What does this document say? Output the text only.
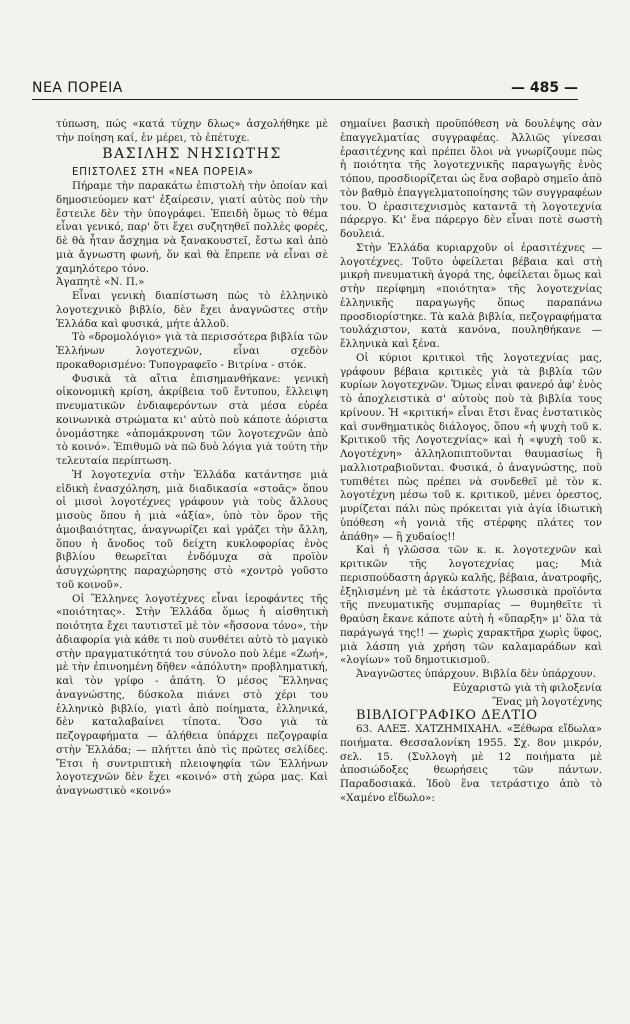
ΝΕΑ ΠΟΡΕΙΑ	— 485 —

τύπωση, πώς «κατά τύχην δλως» ἀσχολήθηκε μὲ τὴν ποίηση καί, ἐν μέρει, τὸ ἐπέτυχε.

ΒΑΣΙΛΗΣ ΝΗΣΙΩΤΗΣ

ΕΠΙΣΤΟΛΕΣ ΣΤΗ «ΝΕΑ ΠΟΡΕΙΑ»

Πήραμε τὴν παρακάτω ἐπιστολὴ τὴν ὁποίαν καὶ δημοσιεύομεν κατ' ἐξαίρεσιν, γιατί αὐτὸς ποὺ τὴν ἔστειλε δὲν τὴν ὑπογράφει. Ἐπειδὴ ὅμως τὸ θέμα εἶναι γενικό, παρ' ὅτι ἔχει συζητηθεῖ πολλὲς φορές, δὲ θὰ ἦταν ἄσχημα νὰ ξανακουστεῖ, ἔστω καὶ ἀπὸ μιὰ ἄγνωστη φωνή, ὅν καὶ θὰ ἔπρεπε νὰ εἶναι σὲ χαμηλότερο τόνο.

Ἀγαπητὲ «Ν. Π.»

Εἶναι γενικὴ διαπίστωση πὼς τὸ ἑλληνικὸ λογοτεχνικὸ βιβλίο, δὲν ἔχει ἀναγνῶστες στὴν Ἑλλάδα καὶ φυσικά, μήτε ἀλλοῦ.

Τὸ «δρομολόγιο» γιὰ τὰ περισσότερα βιβλία τῶν Ἑλλήνων λογοτεχνῶν, εἶναι σχεδὸν προκαθορισμένο: Τυπογραφεῖο - Βιτρίνα - στόκ.

Φυσικὰ τὰ αἴτια ἐπισημανθήκανε: γενικὴ οἰκονομικὴ κρίση, ἀκρίβεια τοῦ ἔντυπου, ἔλλειψη πνευματικῶν ἐνδιαφερόντων στὰ μέσα εὐρέα κοινωνικὰ στρώματα κι' αὐτὸ ποὺ κάποτε ἀόριστα ὀνομάστηκε «ἀπομάκρυνση τῶν λογοτεχνῶν ἀπὸ τὸ κοινό». Ἐπιθυμῶ νὰ πῶ δυὸ λόγια γιὰ τούτη τὴν τελευταία περίπτωση.

Ἡ λογοτεχνία στὴν Ἑλλάδα κατάντησε μιὰ εἰδικὴ ἐνασχόληση, μιὰ διαδικασία «στοᾶς» ὅπου οἱ μισοὶ λογοτέχνες γράφουν γιὰ τοὺς ἄλλους μισοὺς ὅπου ἡ μιὰ «ἀξία», ὑπὸ τὸν ὅρον τῆς ἀμοιβαιότητας, ἀναγνωρίζει καὶ γράζει τὴν ἄλλη, ὅπου ἡ ἄνοδος τοῦ δείχτη κυκλοφορίας ἑνὸς βιβλίου θεωρεῖται ἐνδόμυχα σὰ προϊὸν ἀσυγχώρητης παραχώρησης στὸ «χοντρὸ γοῦστο τοῦ κοινοῦ».

Οἱ Ἕλληνες λογοτέχνες εἶναι ἱεροφάντες τῆς «ποιότητας». Στὴν Ἑλλάδα ὅμως ἡ αἰσθητικὴ ποιότητα ἔχει ταυτιστεῖ μὲ τὸν «ἤσσονα τόνο», τὴν ἀδιαφορία γιὰ κάθε τι ποὺ συνθέτει αὐτὸ τὸ μαγικὸ στὴν πραγματικότητά του σύνολο ποὺ λέμε «Ζωή», μὲ τὴν ἐπινοημένη δῆθεν «ἀπόλυτη» προβληματική, καὶ τὸν γρίφο - ἀπάτη. Ὁ μέσος Ἕλληνας ἀναγνώστης, δύσκολα πιάνει στὸ χέρι του ἑλληνικὸ βιβλίο, γιατὶ ἀπὸ ποίηματα, ἑλληνικά, δὲν καταλαβαίνει τίποτα. Ὅσο γιὰ τὰ πεζογραφήματα — ἀλήθεια ὑπάρχει πεζογραφία στὴν Ἑλλάδα; — πλήττει ἀπὸ τὶς πρῶτες σελίδες. Ἔτσι ἡ συντριπτικὴ πλειοψηφία τῶν Ἑλλήνων λογοτεχνῶν δὲν ἔχει «κοινό» στὴ χώρα μας. Καὶ ἀναγνωστικὸ «κοινό»

σημαίνει βασικὴ προϋπόθεση νὰ δουλέψης σὰν ἐπαγγελματίας συγγραφέας. Ἀλλιῶς γίνεσαι ἐρασιτέχνης καὶ πρέπει ὅλοι νὰ γνωρίζουμε πὼς ἡ ποιότητα τῆς λογοτεχνικῆς παραγωγῆς ἑνὸς τόπου, προσδιορίζεται ὡς ἕνα σοβαρὸ σημεῖο ἀπὸ τὸν βαθμὸ ἐπαγγελματοποίησης τῶν συγγραφέων του. Ὁ ἐρασιτεχνισμὸς καταντᾶ τὴ λογοτεχνία πάρεργο. Κι' ἕνα πάρεργο δὲν εἶναι ποτὲ σωστὴ δουλειά.

Στὴν Ἑλλάδα κυριαρχοῦν οἱ ἐρασιτέχνες — λογοτέχνες. Τοῦτο ὀφείλεται βέβαια καὶ στὴ μικρὴ πνευματικὴ ἀγορά της, ὀφείλεται ὅμως καὶ στὴν περίφημη «ποιότητα» τῆς λογοτεχνίας ἑλληνικῆς παραγωγῆς ὅπως παραπάνω προσδιορίστηκε. Τὰ καλὰ βιβλία, πεζογραφήματα τουλάχιστον, κατὰ κανόνα, πουληθήκανε — ἔλληνικὰ καὶ ξένα.

Οἱ κύριοι κριτικοὶ τῆς λογοτεχνίας μας, γράφουν βέβαια κριτικὲς γιὰ τὰ βιβλία τῶν κυρίων λογοτεχνῶν. Ὅμως εἶναι φανερό ἀφ' ἑνὸς τὸ ἀποχλειστικὰ σ' αὐτοὺς ποὺ τὰ βιβλία τους κρίνουν. Ἡ «κριτική» εἶναι ἔτσι ἕνας ἐνστατικὸς καὶ συνθηματικὸς διάλογος, ὅπου «ἡ ψυχὴ τοῦ κ. Κριτικοῦ τῆς Λογοτεχνίας» καὶ ἡ «ψυχὴ τοῦ κ. Λογοτέχνη» ἀλληλοπιπτοῦνται θαυμασίως ἢ μαλλιοτραβιοῦνται. Φυσικά, ὁ ἀναγνώστης, ποὺ τυπιθέτει πὼς πρέπει νὰ συνδεθεῖ μὲ τὸν κ. λογοτέχνη μέσω τοῦ κ. κριτικοῦ, μένει ὀρεστος, μυρίζεται πάλι πὼς πρόκειται γιὰ ἁγία ἰδιωτικὴ ὑπόθεση «ἡ γονιὰ τῆς στέρφης πλάτες τον ἀπάθη» — ἢ χυδαίος!!

Καὶ ἡ γλῶσσα τῶν κ. κ. λογοτεχνῶν καὶ κριτικῶν τῆς λογοτεχνίας μας; Μιὰ περισπούδαστη ἀργκὼ καλῆς, βέβαια, ἀνατροφῆς, ἐξηλισμένη μὲ τὰ ἑκάστοτε γλωσσικὰ προϊόντα τῆς πνευματικῆς συμπαρίας — θυμηθεῖτε τὶ θραύση ἔκανε κάποτε αὐτὴ ἡ «ὕπαρξη» μ' ὅλα τὰ παράγωγά της!! — χωρὶς χαρακτῆρα χωρὶς ὕφος, μιὰ λάσπη γιὰ χρήση τῶν καλαμαράδων καὶ «λογίων» τοῦ δημοτικισμοῦ.

Ἀναγνῶστες ὑπάρχουν. Βιβλία δὲν ὑπάρχουν.

Εὐχαριστῶ γιὰ τὴ φιλοξενία

Ἕνας μὴ λογοτέχνης

ΒΙΒΛΙΟΓΡΑΦΙΚΟ ΔΕΛΤΙΟ

63. ΑΛΕΞ. ΧΑΤΖΗΜΙΧΑΗΛ. «Ξέθωρα εἴδωλα» ποιήματα. Θεσσαλονίκη 1955. Σχ. 8ον μικρόν, σελ. 15. (Συλλογὴ μὲ 12 ποιήματα μὲ ἀποσιώδοξες θεωρήσεις τῶν πάντων. Παραδοσιακά. Ἰδοὺ ἕνα τετράστιχο ἀπὸ τὸ «Χαμένο εἴδωλο»:
